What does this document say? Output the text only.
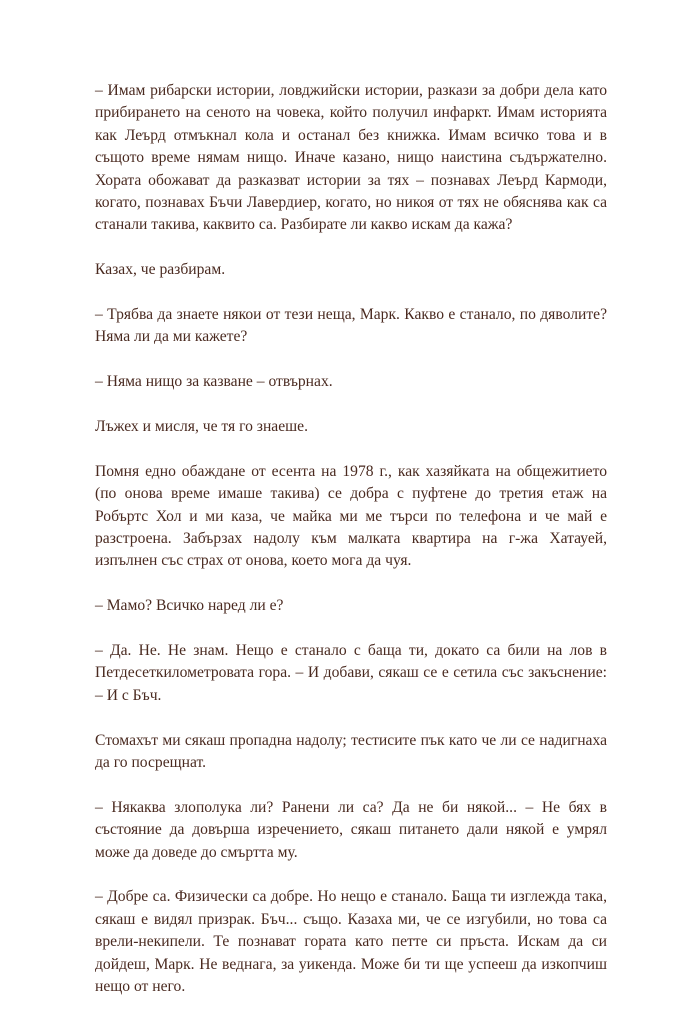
– Имам рибарски истории, ловджийски истории, разкази за добри дела като прибирането на сеното на човека, който получил инфаркт. Имам историята как Леърд отмъкнал кола и останал без книжка. Имам всичко това и в същото време нямам нищо. Иначе казано, нищо наистина съдържателно. Хората обожават да разказват истории за тях – познавах Леърд Кармоди, когато, познавах Бъчи Лавердиер, когато, но никоя от тях не обяснява как са станали такива, каквито са. Разбирате ли какво искам да кажа?

Казах, че разбирам.

– Трябва да знаете някои от тези неща, Марк. Какво е станало, по дяволите? Няма ли да ми кажете?

– Няма нищо за казване – отвърнах.

Лъжех и мисля, че тя го знаеше.

Помня едно обаждане от есента на 1978 г., как хазяйката на общежитието (по онова време имаше такива) се добра с пуфтене до третия етаж на Робъртс Хол и ми каза, че майка ми ме търси по телефона и че май е разстроена. Забързах надолу към малката квартира на г-жа Хатауей, изпълнен със страх от онова, което мога да чуя.

– Мамо? Всичко наред ли е?

– Да. Не. Не знам. Нещо е станало с баща ти, докато са били на лов в Петдесеткилометровата гора. – И добави, сякаш се е сетила със закъснение: – И с Бъч.

Стомахът ми сякаш пропадна надолу; тестисите пък като че ли се надигнаха да го посрещнат.

– Някаква злополука ли? Ранени ли са? Да не би някой... – Не бях в състояние да довърша изречението, сякаш питането дали някой е умрял може да доведе до смъртта му.

– Добре са. Физически са добре. Но нещо е станало. Баща ти изглежда така, сякаш е видял призрак. Бъч... също. Казаха ми, че се изгубили, но това са врели-некипели. Те познават гората като петте си пръста. Искам да си дойдеш, Марк. Не веднага, за уикенда. Може би ти ще успееш да изкопчиш нещо от него.
